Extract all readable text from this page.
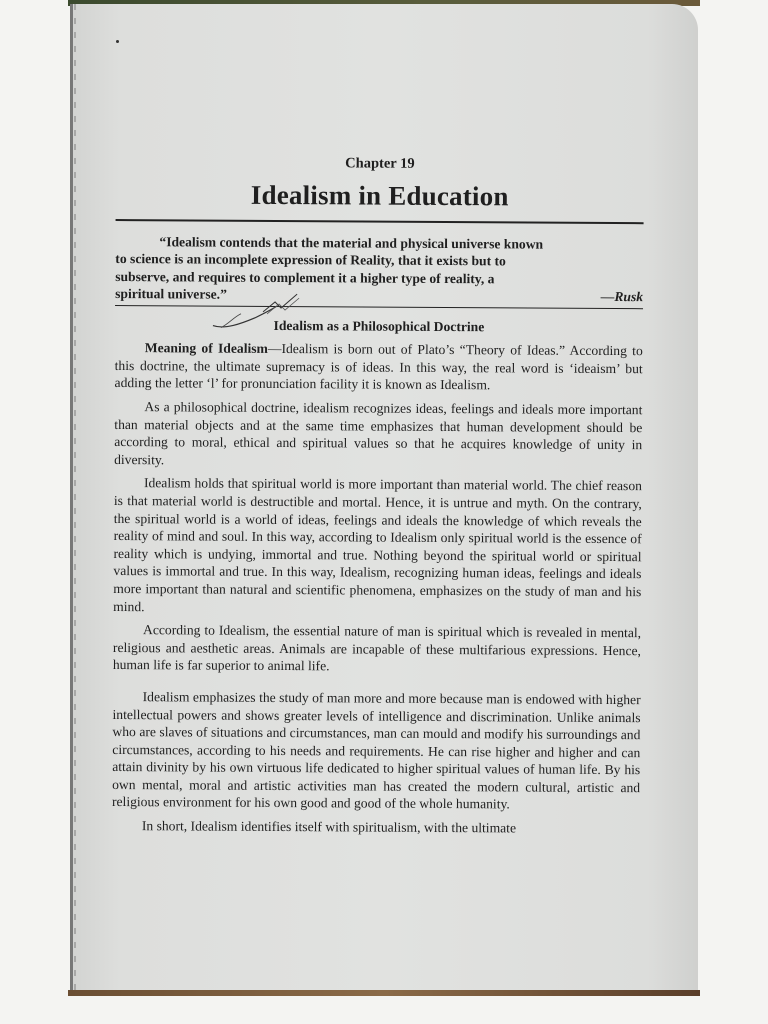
Chapter 19
Idealism in Education
“Idealism contends that the material and physical universe known
to science is an incomplete expression of Reality, that it exists but to
subserve, and requires to complement it a higher type of reality, a
spiritual universe.”	—Rusk
Idealism as a Philosophical Doctrine

Meaning of Idealism—Idealism is born out of Plato’s “Theory of Ideas.” According to this doctrine, the ultimate supremacy is of ideas. In this way, the real word is ‘ideaism’ but adding the letter ‘l’ for pronunciation facility it is known as Idealism.

As a philosophical doctrine, idealism recognizes ideas, feelings and ideals more important than material objects and at the same time emphasizes that human development should be according to moral, ethical and spiritual values so that he acquires knowledge of unity in diversity.

Idealism holds that spiritual world is more important than material world. The chief reason is that material world is destructible and mortal. Hence, it is untrue and myth. On the contrary, the spiritual world is a world of ideas, feelings and ideals the knowledge of which reveals the reality of mind and soul. In this way, according to Idealism only spiritual world is the essence of reality which is undying, immortal and true. Nothing beyond the spiritual world or spiritual values is immortal and true. In this way, Idealism, recognizing human ideas, feelings and ideals more important than natural and scientific phenomena, emphasizes on the study of man and his mind.

According to Idealism, the essential nature of man is spiritual which is revealed in mental, religious and aesthetic areas. Animals are incapable of these multifarious expressions. Hence, human life is far superior to animal life.

Idealism emphasizes the study of man more and more because man is endowed with higher intellectual powers and shows greater levels of intelligence and discrimination. Unlike animals who are slaves of situations and circumstances, man can mould and modify his surroundings and circumstances, according to his needs and requirements. He can rise higher and higher and can attain divinity by his own virtuous life dedicated to higher spiritual values of human life. By his own mental, moral and artistic activities man has created the modern cultural, artistic and religious environment for his own good and good of the whole humanity.

In short, Idealism identifies itself with spiritualism, with the ultimate
